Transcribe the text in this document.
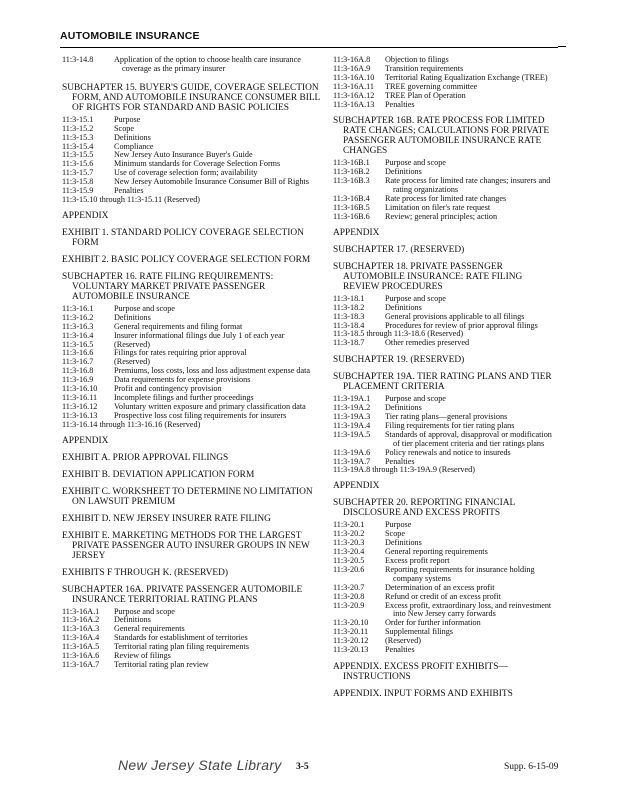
AUTOMOBILE INSURANCE
11:3-14.8	Application of the option to choose health care insurance coverage as the primary insurer
SUBCHAPTER 15. BUYER'S GUIDE, COVERAGE SELECTION FORM, AND AUTOMOBILE INSURANCE CONSUMER BILL OF RIGHTS FOR STANDARD AND BASIC POLICIES
11:3-15.1	Purpose
11:3-15.2	Scope
11:3-15.3	Definitions
11:3-15.4	Compliance
11:3-15.5	New Jersey Auto Insurance Buyer's Guide
11:3-15.6	Minimum standards for Coverage Selection Forms
11:3-15.7	Use of coverage selection form; availability
11:3-15.8	New Jersey Automobile Insurance Consumer Bill of Rights
11:3-15.9	Penalties
11:3-15.10 through 11:3-15.11 (Reserved)
APPENDIX
EXHIBIT 1. STANDARD POLICY COVERAGE SELECTION FORM
EXHIBIT 2. BASIC POLICY COVERAGE SELECTION FORM
SUBCHAPTER 16. RATE FILING REQUIREMENTS: VOLUNTARY MARKET PRIVATE PASSENGER AUTOMOBILE INSURANCE
11:3-16.1	Purpose and scope
11:3-16.2	Definitions
11:3-16.3	General requirements and filing format
11:3-16.4	Insurer informational filings due July 1 of each year
11:3-16.5	(Reserved)
11:3-16.6	Filings for rates requiring prior approval
11:3-16.7	(Reserved)
11:3-16.8	Premiums, loss costs, loss and loss adjustment expense data
11:3-16.9	Data requirements for expense provisions
11:3-16.10	Profit and contingency provision
11:3-16.11	Incomplete filings and further proceedings
11:3-16.12	Voluntary written exposure and primary classification data
11:3-16.13	Prospective loss cost filing requirements for insurers
11:3-16.14 through 11:3-16.16 (Reserved)
APPENDIX
EXHIBIT A. PRIOR APPROVAL FILINGS
EXHIBIT B. DEVIATION APPLICATION FORM
EXHIBIT C. WORKSHEET TO DETERMINE NO LIMITATION ON LAWSUIT PREMIUM
EXHIBIT D. NEW JERSEY INSURER RATE FILING
EXHIBIT E. MARKETING METHODS FOR THE LARGEST PRIVATE PASSENGER AUTO INSURER GROUPS IN NEW JERSEY
EXHIBITS F THROUGH K. (RESERVED)
SUBCHAPTER 16A. PRIVATE PASSENGER AUTOMOBILE INSURANCE TERRITORIAL RATING PLANS
11:3-16A.1	Purpose and scope
11:3-16A.2	Definitions
11:3-16A.3	General requirements
11:3-16A.4	Standards for establishment of territories
11:3-16A.5	Territorial rating plan filing requirements
11:3-16A.6	Review of filings
11:3-16A.7	Territorial rating plan review
11:3-16A.8	Objection to filings
11:3-16A.9	Transition requirements
11:3-16A.10	Territorial Rating Equalization Exchange (TREE)
11:3-16A.11	TREE governing committee
11:3-16A.12	TREE Plan of Operation
11:3-16A.13	Penalties
SUBCHAPTER 16B. RATE PROCESS FOR LIMITED RATE CHANGES; CALCULATIONS FOR PRIVATE PASSENGER AUTOMOBILE INSURANCE RATE CHANGES
11:3-16B.1	Purpose and scope
11:3-16B.2	Definitions
11:3-16B.3	Rate process for limited rate changes; insurers and rating organizations
11:3-16B.4	Rate process for limited rate changes
11:3-16B.5	Limitation on filer's rate request
11:3-16B.6	Review; general principles; action
APPENDIX
SUBCHAPTER 17. (RESERVED)
SUBCHAPTER 18. PRIVATE PASSENGER AUTOMOBILE INSURANCE: RATE FILING REVIEW PROCEDURES
11:3-18.1	Purpose and scope
11:3-18.2	Definitions
11:3-18.3	General provisions applicable to all filings
11:3-18.4	Procedures for review of prior approval filings
11:3-18.5 through 11:3-18.6 (Reserved)
11:3-18.7	Other remedies preserved
SUBCHAPTER 19. (RESERVED)
SUBCHAPTER 19A. TIER RATING PLANS AND TIER PLACEMENT CRITERIA
11:3-19A.1	Purpose and scope
11:3-19A.2	Definitions
11:3-19A.3	Tier rating plans—general provisions
11:3-19A.4	Filing requirements for tier rating plans
11:3-19A.5	Standards of approval, disapproval or modification of tier placement criteria and tier ratings plans
11:3-19A.6	Policy renewals and notice to insureds
11:3-19A.7	Penalties
11:3-19A.8 through 11:3-19A.9 (Reserved)
APPENDIX
SUBCHAPTER 20. REPORTING FINANCIAL DISCLOSURE AND EXCESS PROFITS
11:3-20.1	Purpose
11:3-20.2	Scope
11:3-20.3	Definitions
11:3-20.4	General reporting requirements
11:3-20.5	Excess profit report
11:3-20.6	Reporting requirements for insurance holding company systems
11:3-20.7	Determination of an excess profit
11:3-20.8	Refund or credit of an excess profit
11:3-20.9	Excess profit, extraordinary loss, and reinvestment into New Jersey carry forwards
11:3-20.10	Order for further information
11:3-20.11	Supplemental filings
11:3-20.12	(Reserved)
11:3-20.13	Penalties
APPENDIX. EXCESS PROFIT EXHIBITS—INSTRUCTIONS
APPENDIX. INPUT FORMS AND EXHIBITS
New Jersey State Library 3-5	Supp. 6-15-09
